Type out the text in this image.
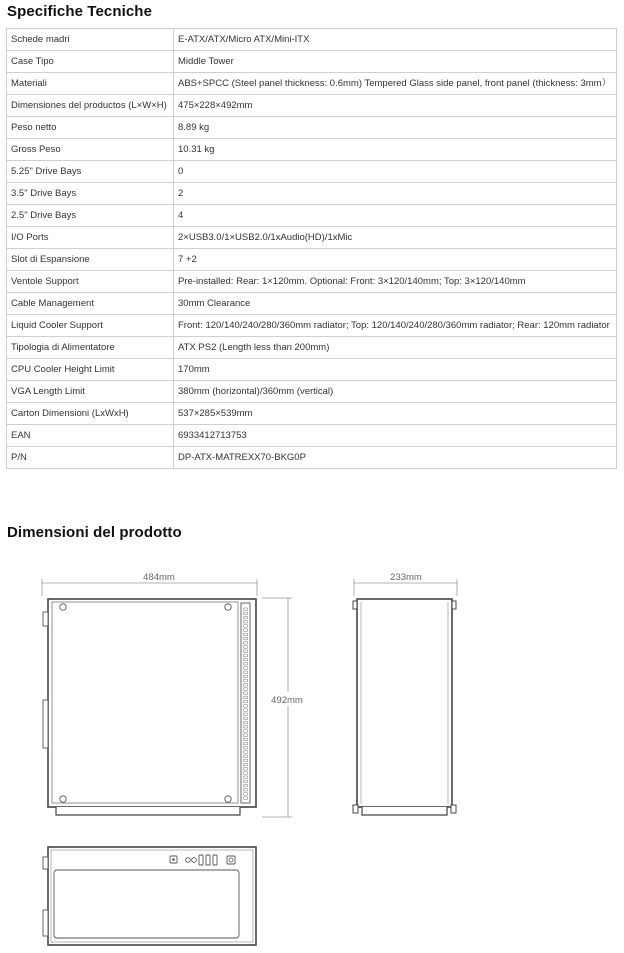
Specifiche Tecniche
Schede madri	E-ATX/ATX/Micro ATX/Mini-ITX
Case Tipo	Middle Tower
Materiali	ABS+SPCC (Steel panel thickness: 0.6mm) Tempered Glass side panel, front panel (thickness: 3mm）
Dimensiones del productos (L×W×H)	475×228×492mm
Peso netto	8.89 kg
Gross Peso	10.31 kg
5.25" Drive Bays	0
3.5" Drive Bays	2
2.5" Drive Bays	4
I/O Ports	2×USB3.0/1×USB2.0/1xAudio(HD)/1xMic
Slot di Espansione	7 +2
Ventole Support	Pre-installed: Rear: 1×120mm. Optional: Front: 3×120/140mm; Top: 3×120/140mm
Cable Management	30mm Clearance
Liquid Cooler Support	Front: 120/140/240/280/360mm radiator; Top: 120/140/240/280/360mm radiator; Rear: 120mm radiator
Tipologia di Alimentatore	ATX PS2 (Length less than 200mm)
CPU Cooler Height Limit	170mm
VGA Length Limit	380mm (horizontal)/360mm (vertical)
Carton Dimensioni (LxWxH)	537×285×539mm
EAN	6933412713753
P/N	DP-ATX-MATREXX70-BKG0P
Dimensioni del prodotto
484mm
492mm
233mm
